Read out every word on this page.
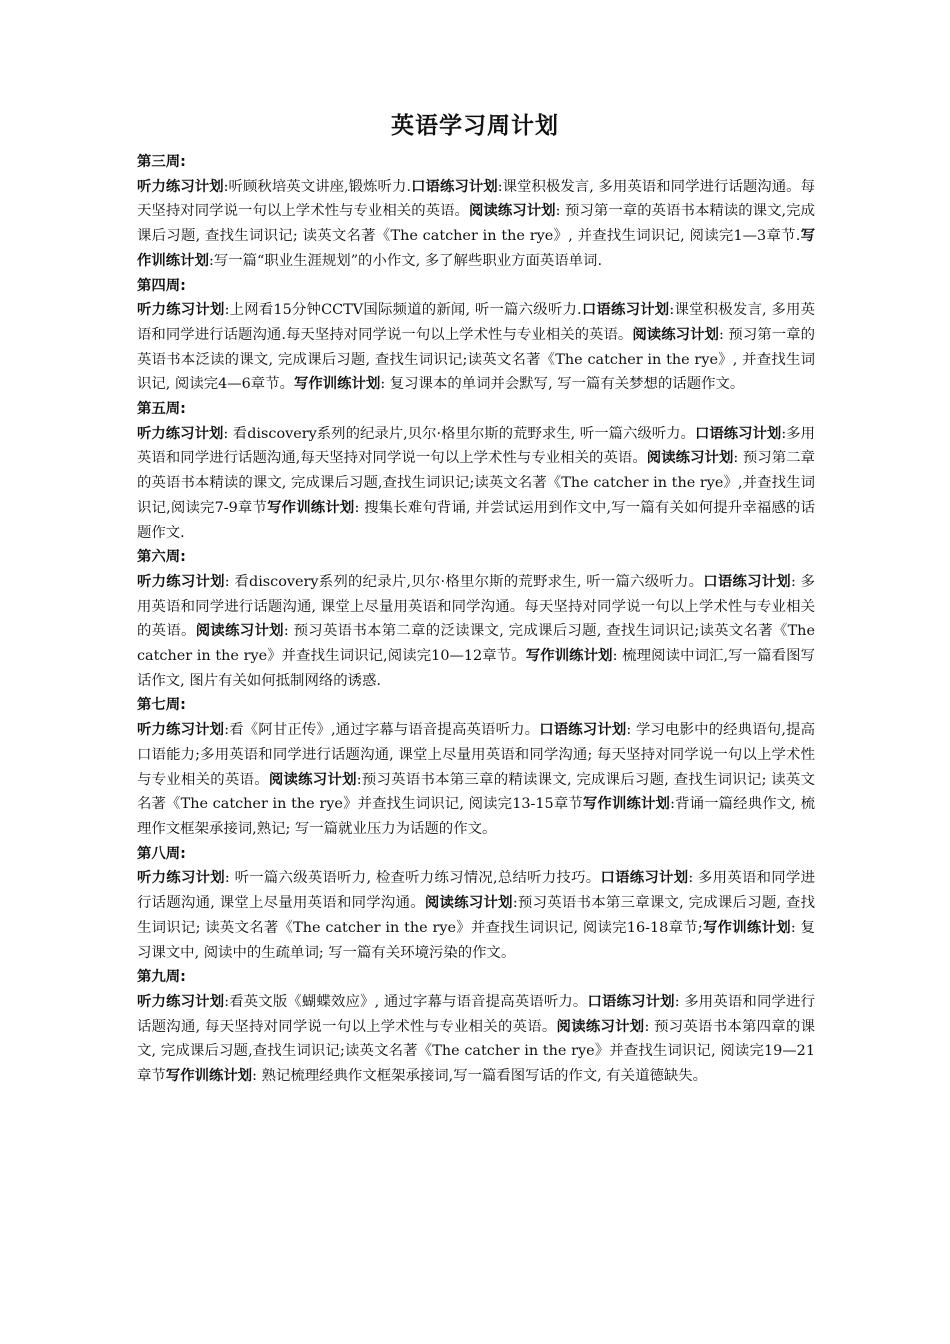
英语学习周计划
第三周:

听力练习计划:听顾秋培英文讲座,锻炼听力.口语练习计划:课堂积极发言, 多用英语和同学进行话题沟通。每天坚持对同学说一句以上学术性与专业相关的英语。阅读练习计划: 预习第一章的英语书本精读的课文,完成课后习题, 查找生词识记; 读英文名著《The catcher in the rye》, 并查找生词识记, 阅读完1—3章节.写作训练计划:写一篇“职业生涯规划”的小作文, 多了解些职业方面英语单词.

第四周:

听力练习计划:上网看15分钟CCTV国际频道的新闻, 听一篇六级听力.口语练习计划:课堂积极发言, 多用英语和同学进行话题沟通.每天坚持对同学说一句以上学术性与专业相关的英语。阅读练习计划: 预习第一章的英语书本泛读的课文, 完成课后习题, 查找生词识记;读英文名著《The catcher in the rye》, 并查找生词识记, 阅读完4—6章节。写作训练计划: 复习课本的单词并会默写, 写一篇有关梦想的话题作文。

第五周:

听力练习计划: 看discovery系列的纪录片,贝尔·格里尔斯的荒野求生, 听一篇六级听力。口语练习计划:多用英语和同学进行话题沟通,每天坚持对同学说一句以上学术性与专业相关的英语。阅读练习计划: 预习第二章的英语书本精读的课文, 完成课后习题,查找生词识记;读英文名著《The catcher in the rye》,并查找生词识记,阅读完7-9章节写作训练计划: 搜集长难句背诵, 并尝试运用到作文中,写一篇有关如何提升幸福感的话题作文.

第六周:

听力练习计划: 看discovery系列的纪录片,贝尔·格里尔斯的荒野求生, 听一篇六级听力。口语练习计划: 多用英语和同学进行话题沟通, 课堂上尽量用英语和同学沟通。每天坚持对同学说一句以上学术性与专业相关的英语。阅读练习计划: 预习英语书本第二章的泛读课文, 完成课后习题, 查找生词识记;读英文名著《The catcher in the rye》并查找生词识记,阅读完10—12章节。写作训练计划: 梳理阅读中词汇,写一篇看图写话作文, 图片有关如何抵制网络的诱惑.

第七周:

听力练习计划:看《阿甘正传》,通过字幕与语音提高英语听力。口语练习计划: 学习电影中的经典语句,提高口语能力;多用英语和同学进行话题沟通, 课堂上尽量用英语和同学沟通; 每天坚持对同学说一句以上学术性与专业相关的英语。阅读练习计划:预习英语书本第三章的精读课文, 完成课后习题, 查找生词识记; 读英文名著《The catcher in the rye》并查找生词识记, 阅读完13-15章节写作训练计划:背诵一篇经典作文, 梳理作文框架承接词,熟记; 写一篇就业压力为话题的作文。

第八周:

听力练习计划: 听一篇六级英语听力, 检查听力练习情况,总结听力技巧。口语练习计划: 多用英语和同学进行话题沟通, 课堂上尽量用英语和同学沟通。阅读练习计划:预习英语书本第三章课文, 完成课后习题, 查找生词识记; 读英文名著《The catcher in the rye》并查找生词识记, 阅读完16-18章节;写作训练计划: 复习课文中, 阅读中的生疏单词; 写一篇有关环境污染的作文。

第九周:

听力练习计划:看英文版《蝴蝶效应》, 通过字幕与语音提高英语听力。口语练习计划: 多用英语和同学进行话题沟通, 每天坚持对同学说一句以上学术性与专业相关的英语。阅读练习计划: 预习英语书本第四章的课文, 完成课后习题,查找生词识记;读英文名著《The catcher in the rye》并查找生词识记, 阅读完19—21章节写作训练计划: 熟记梳理经典作文框架承接词,写一篇看图写话的作文, 有关道德缺失。
